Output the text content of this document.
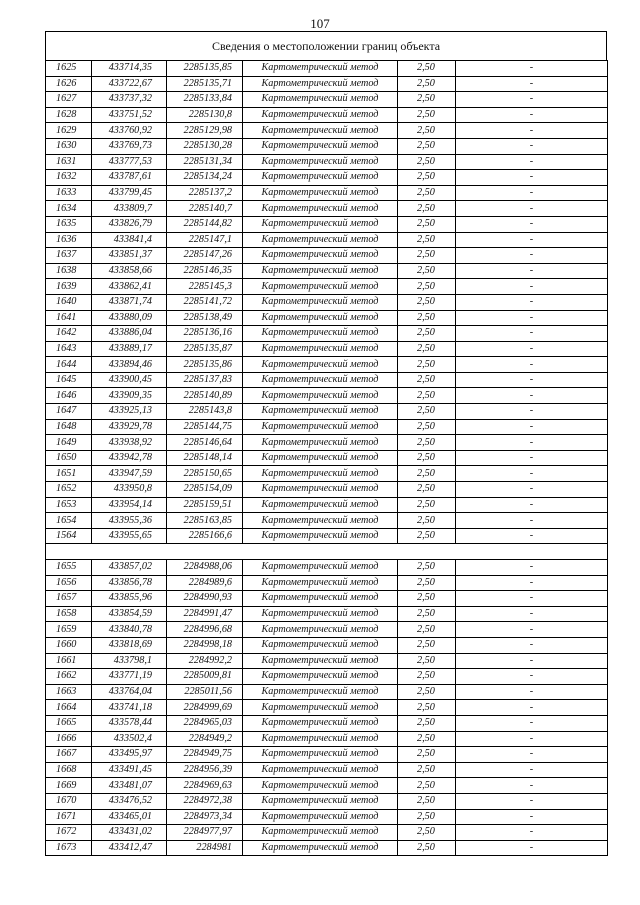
107
Сведения о местоположении границ объекта
1625	433714,35	2285135,85	Картометрический метод	2,50	-
1626	433722,67	2285135,71	Картометрический метод	2,50	-
1627	433737,32	2285133,84	Картометрический метод	2,50	-
1628	433751,52	2285130,8	Картометрический метод	2,50	-
1629	433760,92	2285129,98	Картометрический метод	2,50	-
1630	433769,73	2285130,28	Картометрический метод	2,50	-
1631	433777,53	2285131,34	Картометрический метод	2,50	-
1632	433787,61	2285134,24	Картометрический метод	2,50	-
1633	433799,45	2285137,2	Картометрический метод	2,50	-
1634	433809,7	2285140,7	Картометрический метод	2,50	-
1635	433826,79	2285144,82	Картометрический метод	2,50	-
1636	433841,4	2285147,1	Картометрический метод	2,50	-
1637	433851,37	2285147,26	Картометрический метод	2,50	-
1638	433858,66	2285146,35	Картометрический метод	2,50	-
1639	433862,41	2285145,3	Картометрический метод	2,50	-
1640	433871,74	2285141,72	Картометрический метод	2,50	-
1641	433880,09	2285138,49	Картометрический метод	2,50	-
1642	433886,04	2285136,16	Картометрический метод	2,50	-
1643	433889,17	2285135,87	Картометрический метод	2,50	-
1644	433894,46	2285135,86	Картометрический метод	2,50	-
1645	433900,45	2285137,83	Картометрический метод	2,50	-
1646	433909,35	2285140,89	Картометрический метод	2,50	-
1647	433925,13	2285143,8	Картометрический метод	2,50	-
1648	433929,78	2285144,75	Картометрический метод	2,50	-
1649	433938,92	2285146,64	Картометрический метод	2,50	-
1650	433942,78	2285148,14	Картометрический метод	2,50	-
1651	433947,59	2285150,65	Картометрический метод	2,50	-
1652	433950,8	2285154,09	Картометрический метод	2,50	-
1653	433954,14	2285159,51	Картометрический метод	2,50	-
1654	433955,36	2285163,85	Картометрический метод	2,50	-
1564	433955,65	2285166,6	Картометрический метод	2,50	-

1655	433857,02	2284988,06	Картометрический метод	2,50	-
1656	433856,78	2284989,6	Картометрический метод	2,50	-
1657	433855,96	2284990,93	Картометрический метод	2,50	-
1658	433854,59	2284991,47	Картометрический метод	2,50	-
1659	433840,78	2284996,68	Картометрический метод	2,50	-
1660	433818,69	2284998,18	Картометрический метод	2,50	-
1661	433798,1	2284992,2	Картометрический метод	2,50	-
1662	433771,19	2285009,81	Картометрический метод	2,50	-
1663	433764,04	2285011,56	Картометрический метод	2,50	-
1664	433741,18	2284999,69	Картометрический метод	2,50	-
1665	433578,44	2284965,03	Картометрический метод	2,50	-
1666	433502,4	2284949,2	Картометрический метод	2,50	-
1667	433495,97	2284949,75	Картометрический метод	2,50	-
1668	433491,45	2284956,39	Картометрический метод	2,50	-
1669	433481,07	2284969,63	Картометрический метод	2,50	-
1670	433476,52	2284972,38	Картометрический метод	2,50	-
1671	433465,01	2284973,34	Картометрический метод	2,50	-
1672	433431,02	2284977,97	Картометрический метод	2,50	-
1673	433412,47	2284981	Картометрический метод	2,50	-
